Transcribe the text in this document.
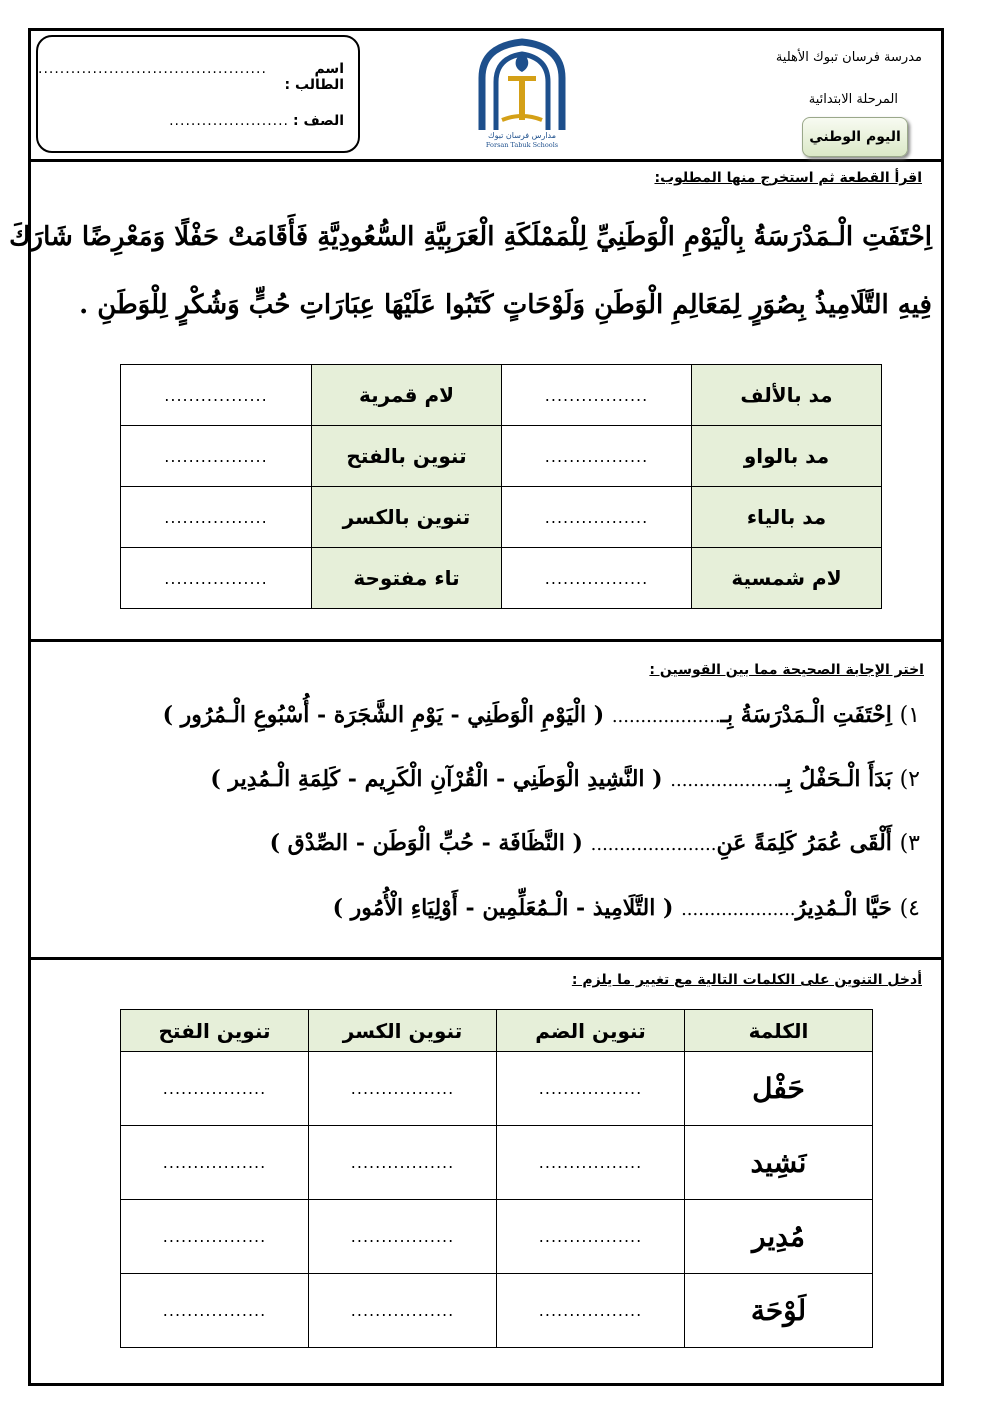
اسم الطالب :
..........................................
الصف :
......................
مدارس فرسان تبوك
Forsan Tabuk Schools
مدرسة فرسان تبوك الأهلية
المرحلة الابتدائية
اليوم الوطني
اقرأ القطعة ثم استخرج منها المطلوب:
اِحْتَفَتِ الْـمَدْرَسَةُ بِالْيَوْمِ الْوَطَنِيِّ لِلْمَمْلَكَةِ الْعَرَبِيَّةِ السُّعُودِيَّةِ فَأَقَامَتْ حَفْلًا وَمَعْرِضًا شَارَكَ
فِيهِ التَّلَامِيذُ بِصُوَرٍ لِمَعَالِمِ الْوَطَنِ وَلَوْحَاتٍ كَتَبُوا عَلَيْهَا عِبَارَاتِ حُبٍّ وَشُكْرٍ لِلْوَطَنِ .
مد بالألف	.................	لام قمرية	.................
مد بالواو	.................	تنوين بالفتح	.................
مد بالياء	.................	تنوين بالكسر	.................
لام شمسية	.................	تاء مفتوحة	.................
اختر الإجابة الصحيحة مما بين القوسين :
١) اِحْتَفَتِ الْـمَدْرَسَةُ بِـ................... ( الْيَوْمِ الْوَطَنِي - يَوْمِ الشَّجَرَة - أُسْبُوعِ الْـمُرُور )
٢) بَدَأَ الْـحَفْلُ بِـ................... ( النَّشِيدِ الْوَطَنِي - الْقُرْآنِ الْكَرِيم - كَلِمَةِ الْـمُدِير )
٣) أَلْقَى عُمَرُ كَلِمَةً عَنِ...................... ( النَّظَافَة - حُبِّ الْوَطَن - الصِّدْق )
٤) حَيَّا الْـمُدِيرُ.................... ( التَّلَامِيذ - الْـمُعَلِّمِين - أَوْلِيَاءِ الْأُمُور )
أدخل التنوين على الكلمات التالية مع تغيير ما يلزم :
الكلمة	تنوين الضم	تنوين الكسر	تنوين الفتح
حَفْل	.................	.................	.................
نَشِيد	.................	.................	.................
مُدِير	.................	.................	.................
لَوْحَة	.................	.................	.................
